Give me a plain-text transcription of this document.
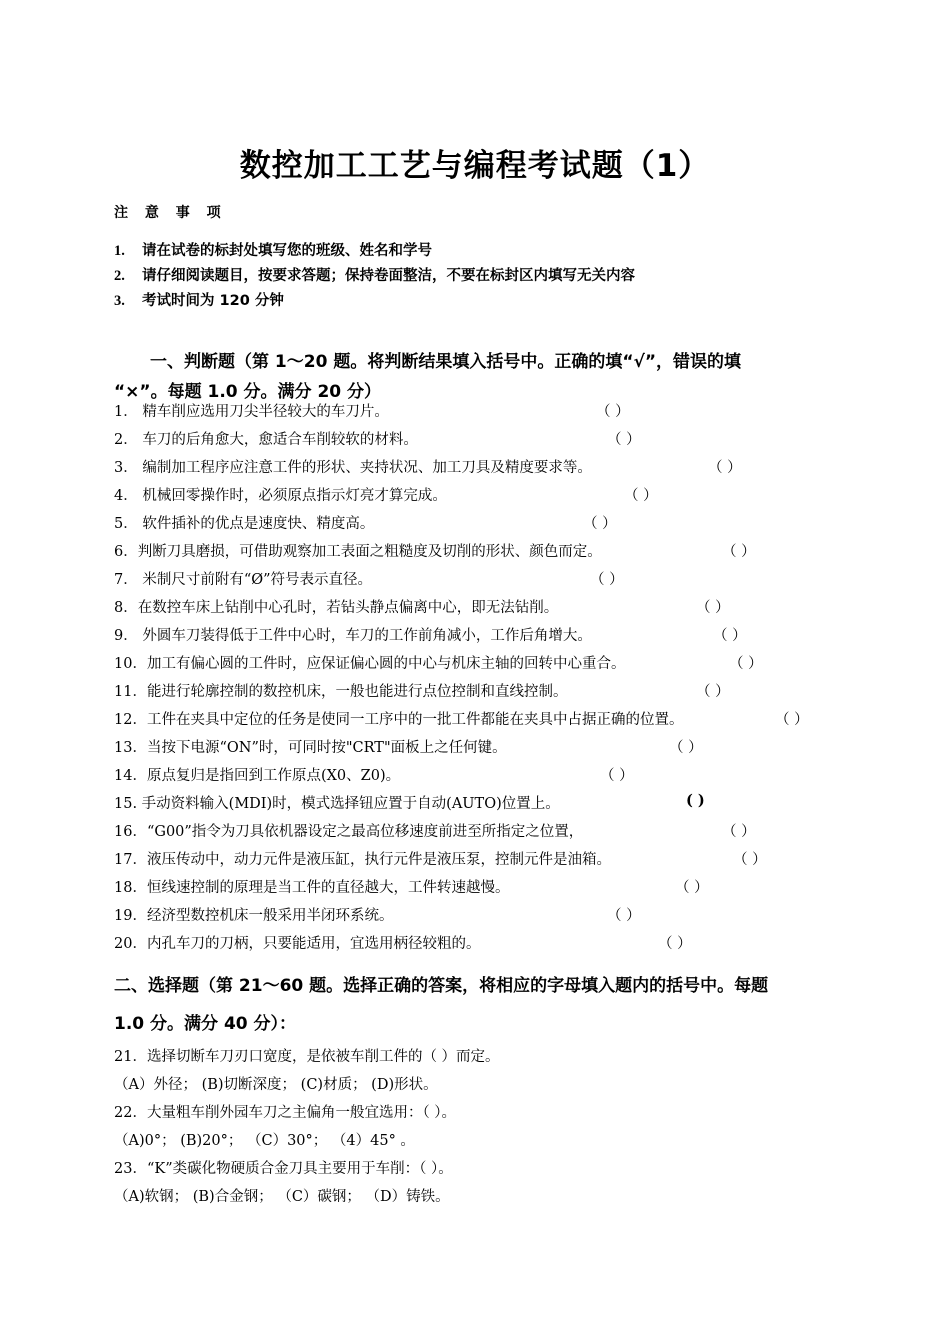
数控加工工艺与编程考试题（1）
注 意 事 项
1. 请在试卷的标封处填写您的班级、姓名和学号
2. 请仔细阅读题目，按要求答题；保持卷面整洁，不要在标封区内填写无关内容
3. 考试时间为 120 分钟
一、判断题（第 1～20 题。将判断结果填入括号中。正确的填“√”，错误的填
“×”。每题 1.0 分。满分 20 分）
1． 精车削应选用刀尖半径较大的车刀片。	（ ）
2． 车刀的后角愈大，愈适合车削较软的材料。	（ ）
3． 编制加工程序应注意工件的形状、夹持状况、加工刀具及精度要求等。	（ ）
4． 机械回零操作时，必须原点指示灯亮才算完成。	（ ）
5． 软件插补的优点是速度快、精度高。	（ ）
6．判断刀具磨损，可借助观察加工表面之粗糙度及切削的形状、颜色而定。	（ ）
7． 米制尺寸前附有“Ø”符号表示直径。	（ ）
8．在数控车床上钻削中心孔时，若钻头静点偏离中心，即无法钻削。	（ ）
9． 外圆车刀装得低于工件中心时，车刀的工作前角减小，工作后角增大。	（ ）
10．加工有偏心圆的工件时，应保证偏心圆的中心与机床主轴的回转中心重合。	（ ）
11．能进行轮廓控制的数控机床，一般也能进行点位控制和直线控制。	（ ）
12．工件在夹具中定位的任务是使同一工序中的一批工件都能在夹具中占据正确的位置。	（ ）
13．当按下电源“ON”时，可同时按"CRT"面板上之任何键。	（ ）
14．原点复归是指回到工作原点(X0、Z0)。	（ ）
15. 手动资料输入(MDI)时，模式选择钮应置于自动(AUTO)位置上。	( )
16．“G00”指令为刀具依机器设定之最高位移速度前进至所指定之位置，	（ ）
17．液压传动中，动力元件是液压缸，执行元件是液压泵，控制元件是油箱。	（ ）
18．恒线速控制的原理是当工件的直径越大，工件转速越慢。	（ ）
19．经济型数控机床一般采用半闭环系统。	（ ）
20．内孔车刀的刀柄，只要能适用，宜选用柄径较粗的。	（ ）
二、选择题（第 21～60 题。选择正确的答案，将相应的字母填入题内的括号中。每题
1.0 分。满分 40 分）：
21．选择切断车刀刃口宽度，是依被车削工件的（ ）而定。
（A）外径； (B)切断深度； (C)材质； (D)形状。
22．大量粗车削外园车刀之主偏角一般宜选用：（ ）。
（A)0°； (B)20°； （C）30°； （4）45° 。
23．“K”类碳化物硬质合金刀具主要用于车削：（ ）。
（A)软钢； (B)合金钢； （C）碳钢； （D）铸铁。
